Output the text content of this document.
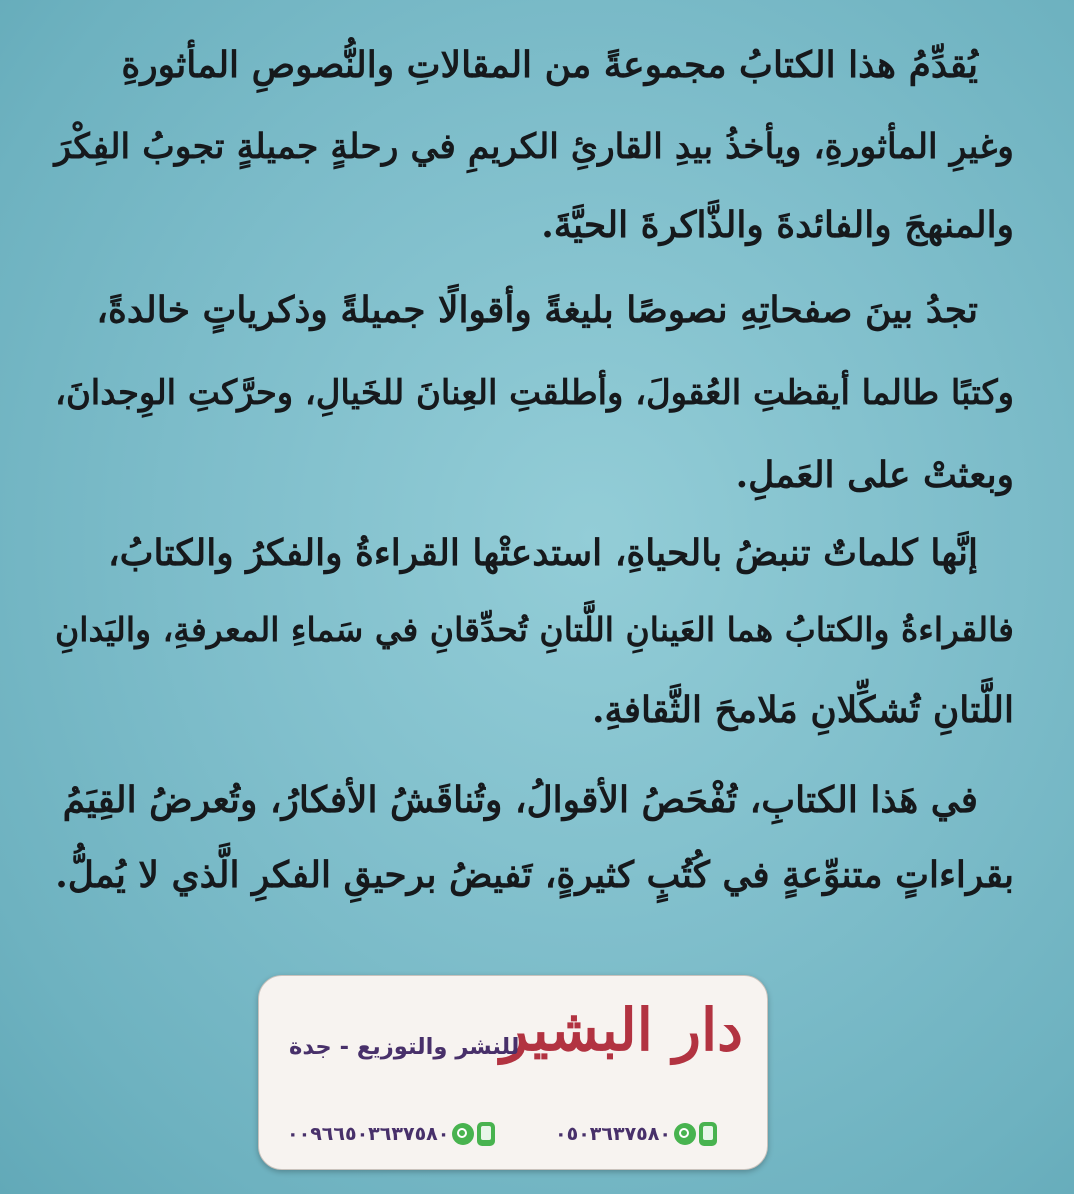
يُقدِّمُ هذا الكتابُ مجموعةً من المقالاتِ والنُّصوصِ المأثورةِ
وغيرِ المأثورةِ، ويأخذُ بيدِ القارئِ الكريمِ في رحلةٍ جميلةٍ تجوبُ الفِكْرَ
والمنهجَ والفائدةَ والذَّاكرةَ الحيَّةَ.
تجدُ بينَ صفحاتِهِ نصوصًا بليغةً وأقوالًا جميلةً وذكرياتٍ خالدةً،
وكتبًا طالما أيقظتِ العُقولَ، وأطلقتِ العِنانَ للخَيالِ، وحرَّكتِ الوِجدانَ،
وبعثتْ على العَملِ.
إنَّها كلماتٌ تنبضُ بالحياةِ، استدعتْها القراءةُ والفكرُ والكتابُ،
فالقراءةُ والكتابُ هما العَينانِ اللَّتانِ تُحدِّقانِ في سَماءِ المعرفةِ، واليَدانِ
اللَّتانِ تُشكِّلانِ مَلامحَ الثَّقافةِ.
في هَذا الكتابِ، تُفْحَصُ الأقوالُ، وتُناقَشُ الأفكارُ، وتُعرضُ القِيَمُ
بقراءاتٍ متنوِّعةٍ في كُتُبٍ كثيرةٍ، تَفيضُ برحيقِ الفكرِ الَّذي لا يُملُّ.
دار البشير
للنشر والتوزيع - جدة
٠٠٩٦٦٥٠٣٦٣٧٥٨٠	٠٥٠٣٦٣٧٥٨٠
